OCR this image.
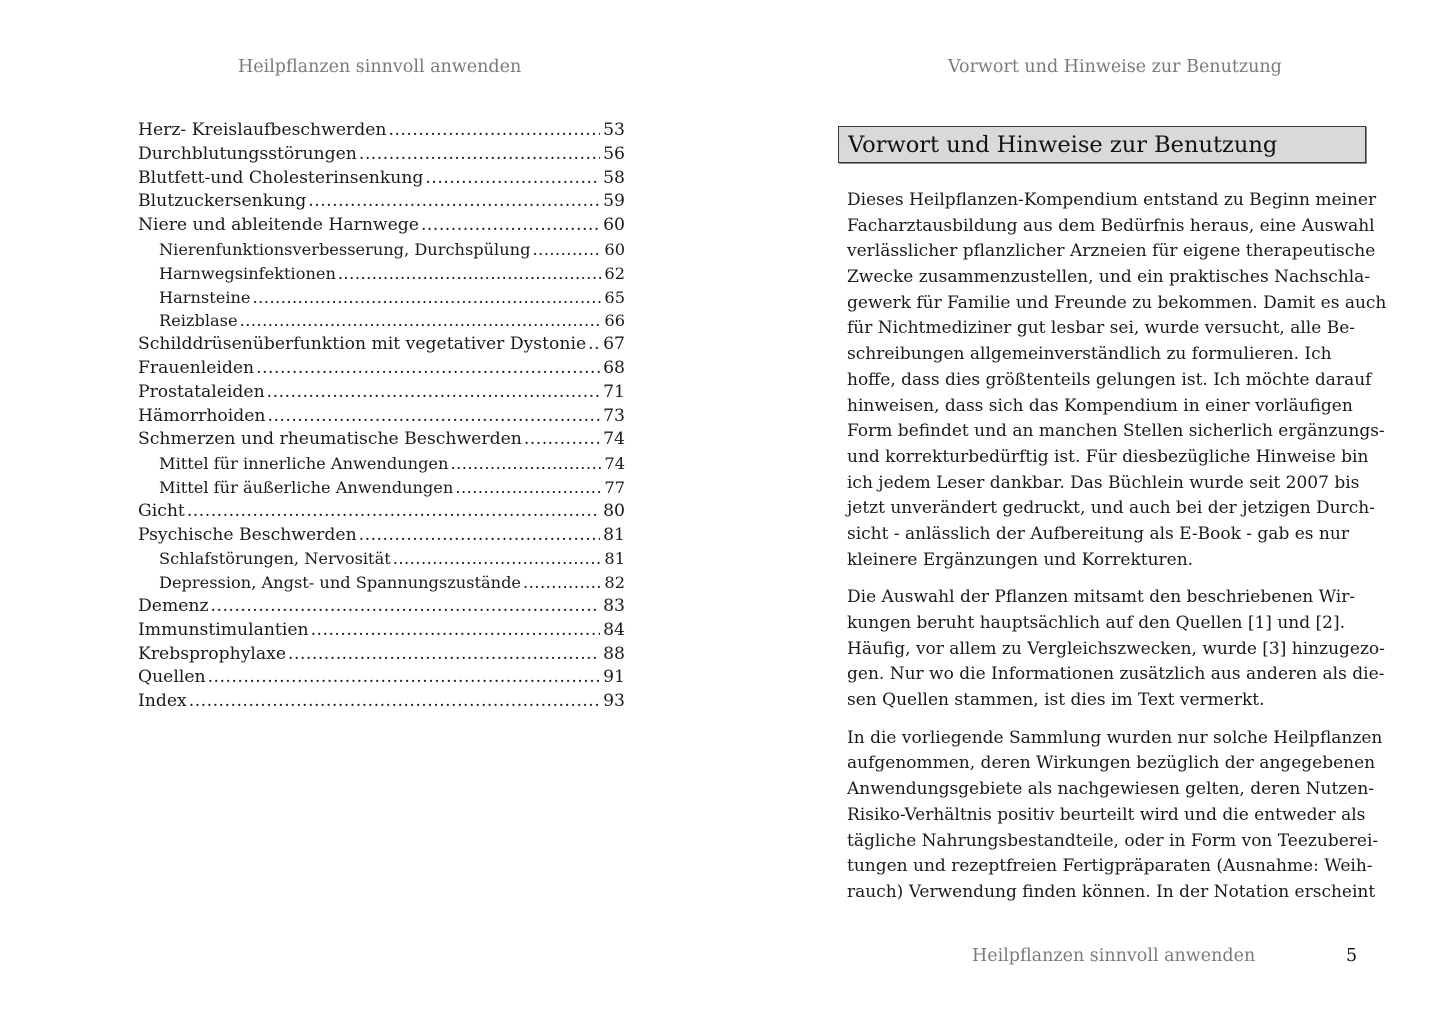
Heilpflanzen sinnvoll anwenden
Herz- Kreislaufbeschwerden .....	53
Durchblutungsstörungen .....	56
Blutfett-und Cholesterinsenkung .....	58
Blutzuckersenkung .....	59
Niere und ableitende Harnwege .....	60
Nierenfunktionsverbesserung, Durchspülung .....	60
Harnwegsinfektionen .....	62
Harnsteine .....	65
Reizblase .....	66
Schilddrüsenüberfunktion mit vegetativer Dystonie ..... 67
Frauenleiden .....	68
Prostataleiden .....	71
Hämorrhoiden .....	73
Schmerzen und rheumatische Beschwerden .....	74
Mittel für innerliche Anwendungen .....	74
Mittel für äußerliche Anwendungen .....	77
Gicht .....	80
Psychische Beschwerden .....	81
Schlafstörungen, Nervosität .....	81
Depression, Angst- und Spannungszustände .....	82
Demenz .....	83
Immunstimulantien .....	84
Krebsprophylaxe .....	88
Quellen .....	91
Index .....	93
Vorwort und Hinweise zur Benutzung
Vorwort und Hinweise zur Benutzung
Dieses Heilpflanzen-Kompendium entstand zu Beginn meiner
Facharztausbildung aus dem Bedürfnis heraus, eine Auswahl
verlässlicher pflanzlicher Arzneien für eigene therapeutische
Zwecke zusammenzustellen, und ein praktisches Nachschla-
gewerk für Familie und Freunde zu bekommen. Damit es auch
für Nichtmediziner gut lesbar sei, wurde versucht, alle Be-
schreibungen allgemeinverständlich zu formulieren. Ich
hoffe, dass dies größtenteils gelungen ist. Ich möchte darauf
hinweisen, dass sich das Kompendium in einer vorläufigen
Form befindet und an manchen Stellen sicherlich ergänzungs-
und korrekturbedürftig ist. Für diesbezügliche Hinweise bin
ich jedem Leser dankbar. Das Büchlein wurde seit 2007 bis
jetzt unverändert gedruckt, und auch bei der jetzigen Durch-
sicht - anlässlich der Aufbereitung als E-Book - gab es nur
kleinere Ergänzungen und Korrekturen.
Die Auswahl der Pflanzen mitsamt den beschriebenen Wir-
kungen beruht hauptsächlich auf den Quellen [1] und [2].
Häufig, vor allem zu Vergleichszwecken, wurde [3] hinzugezo-
gen. Nur wo die Informationen zusätzlich aus anderen als die-
sen Quellen stammen, ist dies im Text vermerkt.
In die vorliegende Sammlung wurden nur solche Heilpflanzen
aufgenommen, deren Wirkungen bezüglich der angegebenen
Anwendungsgebiete als nachgewiesen gelten, deren Nutzen-
Risiko-Verhältnis positiv beurteilt wird und die entweder als
tägliche Nahrungsbestandteile, oder in Form von Teezuberei-
tungen und rezeptfreien Fertigpräparaten (Ausnahme: Weih-
rauch) Verwendung finden können. In der Notation erscheint
Heilpflanzen sinnvoll anwenden	5
